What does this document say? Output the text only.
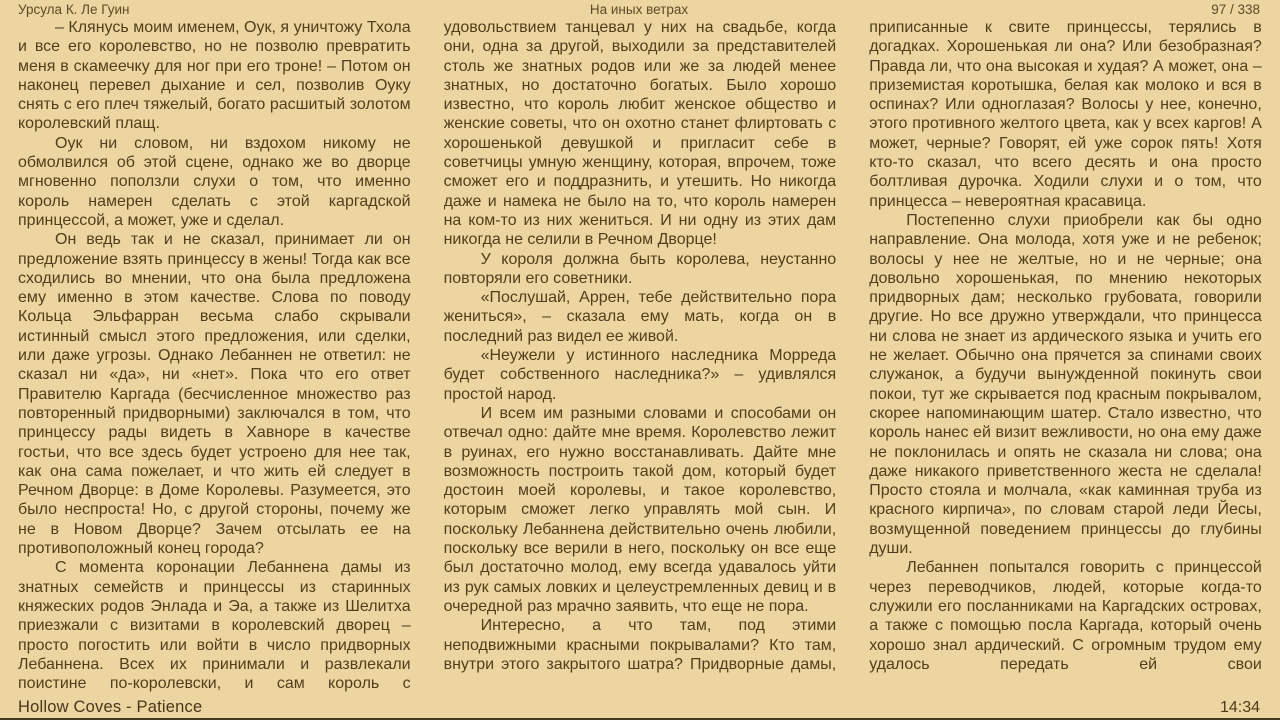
Урсула К. Ле Гуин	На иных ветрах	97 / 338
– Клянусь моим именем, Оук, я уничтожу Тхола и все его королевство, но не позволю превратить меня в скамеечку для ног при его троне! – Потом он наконец перевел дыхание и сел, позволив Оуку снять с его плеч тяжелый, богато расшитый золотом королевский плащ.
Оук ни словом, ни вздохом никому не обмолвился об этой сцене, однако же во дворце мгновенно поползли слухи о том, что именно король намерен сделать с этой каргадской принцессой, а может, уже и сделал.
Он ведь так и не сказал, принимает ли он предложение взять принцессу в жены! Тогда как все сходились во мнении, что она была предложена ему именно в этом качестве. Слова по поводу Кольца Эльфарран весьма слабо скрывали истинный смысл этого предложения, или сделки, или даже угрозы. Однако Лебаннен не ответил: не сказал ни «да», ни «нет». Пока что его ответ Правителю Каргада (бесчисленное множество раз повторенный придворными) заключался в том, что принцессу рады видеть в Хавноре в качестве гостьи, что все здесь будет устроено для нее так, как она сама пожелает, и что жить ей следует в Речном Дворце: в Доме Королевы. Разумеется, это было неспроста! Но, с другой стороны, почему же не в Новом Дворце? Зачем отсылать ее на противоположный конец города?
С момента коронации Лебаннена дамы из знатных семейств и принцессы из старинных княжеских родов Энлада и Эа, а также из Шелитха приезжали с визитами в королевский дворец – просто погостить или войти в число придворных Лебаннена. Всех их принимали и развлекали поистине по-королевски, и сам король с
удовольствием танцевал у них на свадьбе, когда они, одна за другой, выходили за представителей столь же знатных родов или же за людей менее знатных, но достаточно богатых. Было хорошо известно, что король любит женское общество и женские советы, что он охотно станет флиртовать с хорошенькой девушкой и пригласит себе в советчицы умную женщину, которая, впрочем, тоже сможет его и поддразнить, и утешить. Но никогда даже и намека не было на то, что король намерен на ком-то из них жениться. И ни одну из этих дам никогда не селили в Речном Дворце!
У короля должна быть королева, неустанно повторяли его советники.
«Послушай, Аррен, тебе действительно пора жениться», – сказала ему мать, когда он в последний раз видел ее живой.
«Неужели у истинного наследника Морреда будет собственного наследника?» – удивлялся простой народ.
И всем им разными словами и способами он отвечал одно: дайте мне время. Королевство лежит в руинах, его нужно восстанавливать. Дайте мне возможность построить такой дом, который будет достоин моей королевы, и такое королевство, которым сможет легко управлять мой сын. И поскольку Лебаннена действительно очень любили, поскольку все верили в него, поскольку он все еще был достаточно молод, ему всегда удавалось уйти из рук самых ловких и целеустремленных девиц и в очередной раз мрачно заявить, что еще не пора.
Интересно, а что там, под этими неподвижными красными покрывалами? Кто там, внутри этого закрытого шатра? Придворные дамы,
приписанные к свите принцессы, терялись в догадках. Хорошенькая ли она? Или безобразная? Правда ли, что она высокая и худая? А может, она – приземистая коротышка, белая как молоко и вся в оспинах? Или одноглазая? Волосы у нее, конечно, этого противного желтого цвета, как у всех каргов! А может, черные? Говорят, ей уже сорок пять! Хотя кто-то сказал, что всего десять и она просто болтливая дурочка. Ходили слухи и о том, что принцесса – невероятная красавица.
Постепенно слухи приобрели как бы одно направление. Она молода, хотя уже и не ребенок; волосы у нее не желтые, но и не черные; она довольно хорошенькая, по мнению некоторых придворных дам; несколько грубовата, говорили другие. Но все дружно утверждали, что принцесса ни слова не знает из ардического языка и учить его не желает. Обычно она прячется за спинами своих служанок, а будучи вынужденной покинуть свои покои, тут же скрывается под красным покрывалом, скорее напоминающим шатер. Стало известно, что король нанес ей визит вежливости, но она ему даже не поклонилась и опять не сказала ни слова; она даже никакого приветственного жеста не сделала! Просто стояла и молчала, «как каминная труба из красного кирпича», по словам старой леди Йесы, возмущенной поведением принцессы до глубины души.
Лебаннен попытался говорить с принцессой через переводчиков, людей, которые когда-то служили его посланниками на Каргадских островах, а также с помощью посла Каргада, который очень хорошо знал ардический. С огромным трудом ему удалось передать ей свои
Hollow Coves - Patience	14:34
